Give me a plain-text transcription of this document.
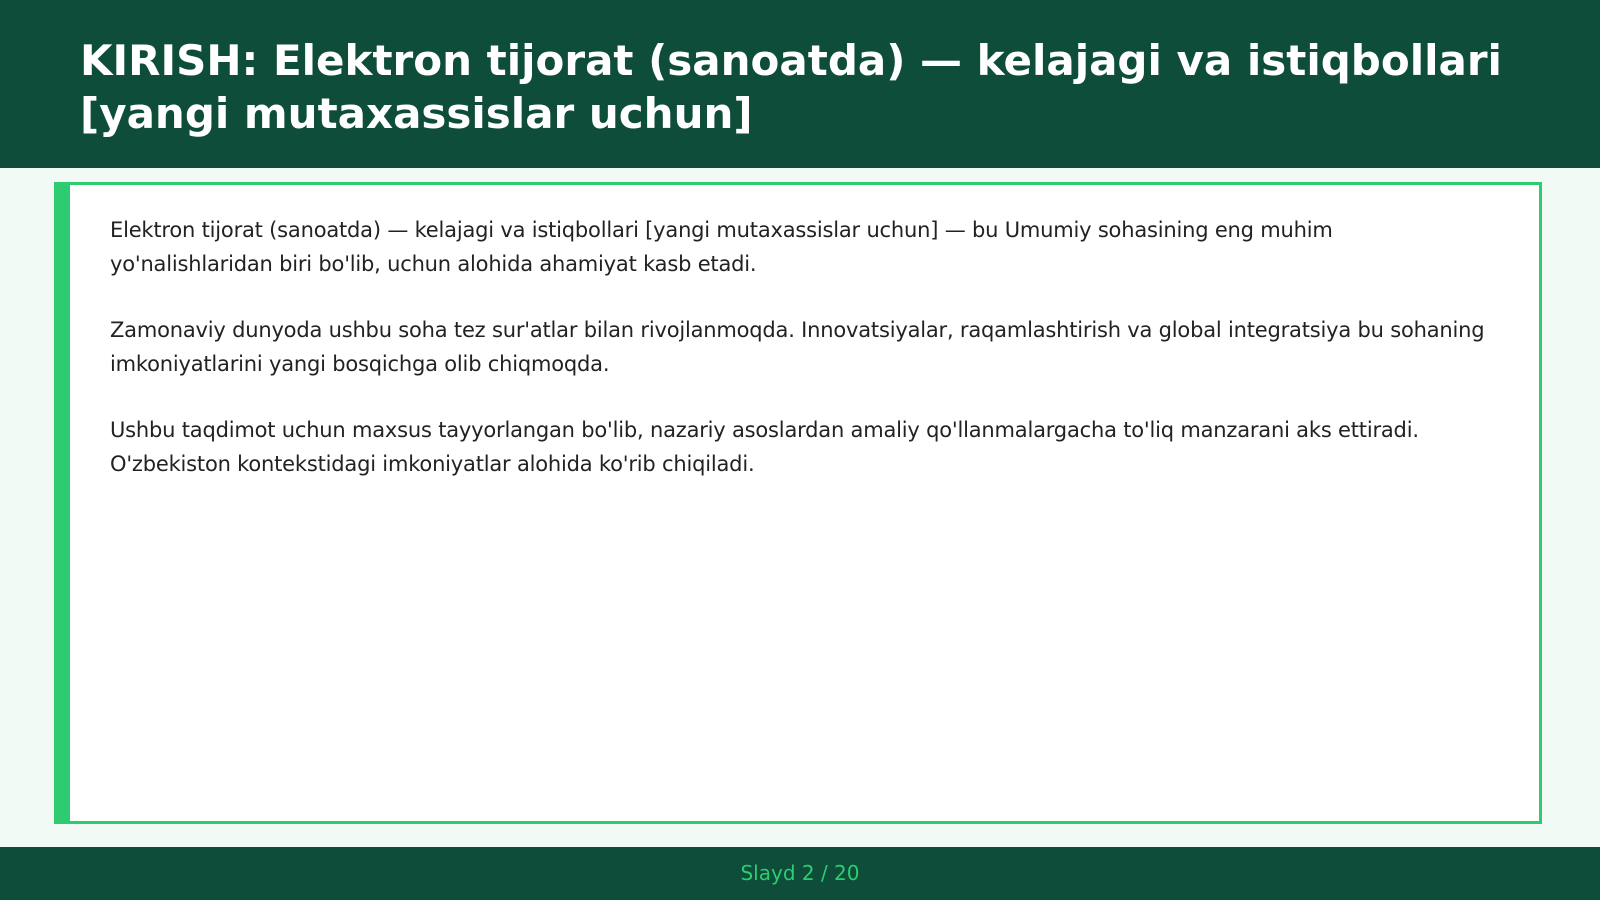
KIRISH: Elektron tijorat (sanoatda) — kelajagi va istiqbollari [yangi mutaxassislar uchun]

Elektron tijorat (sanoatda) — kelajagi va istiqbollari [yangi mutaxassislar uchun] — bu Umumiy sohasining eng muhim yo'nalishlaridan biri bo'lib, uchun alohida ahamiyat kasb etadi.

Zamonaviy dunyoda ushbu soha tez sur'atlar bilan rivojlanmoqda. Innovatsiyalar, raqamlashtirish va global integratsiya bu sohaning imkoniyatlarini yangi bosqichga olib chiqmoqda.

Ushbu taqdimot uchun maxsus tayyorlangan bo'lib, nazariy asoslardan amaliy qo'llanmalargacha to'liq manzarani aks ettiradi. O'zbekiston kontekstidagi imkoniyatlar alohida ko'rib chiqiladi.

Slayd 2 / 20
